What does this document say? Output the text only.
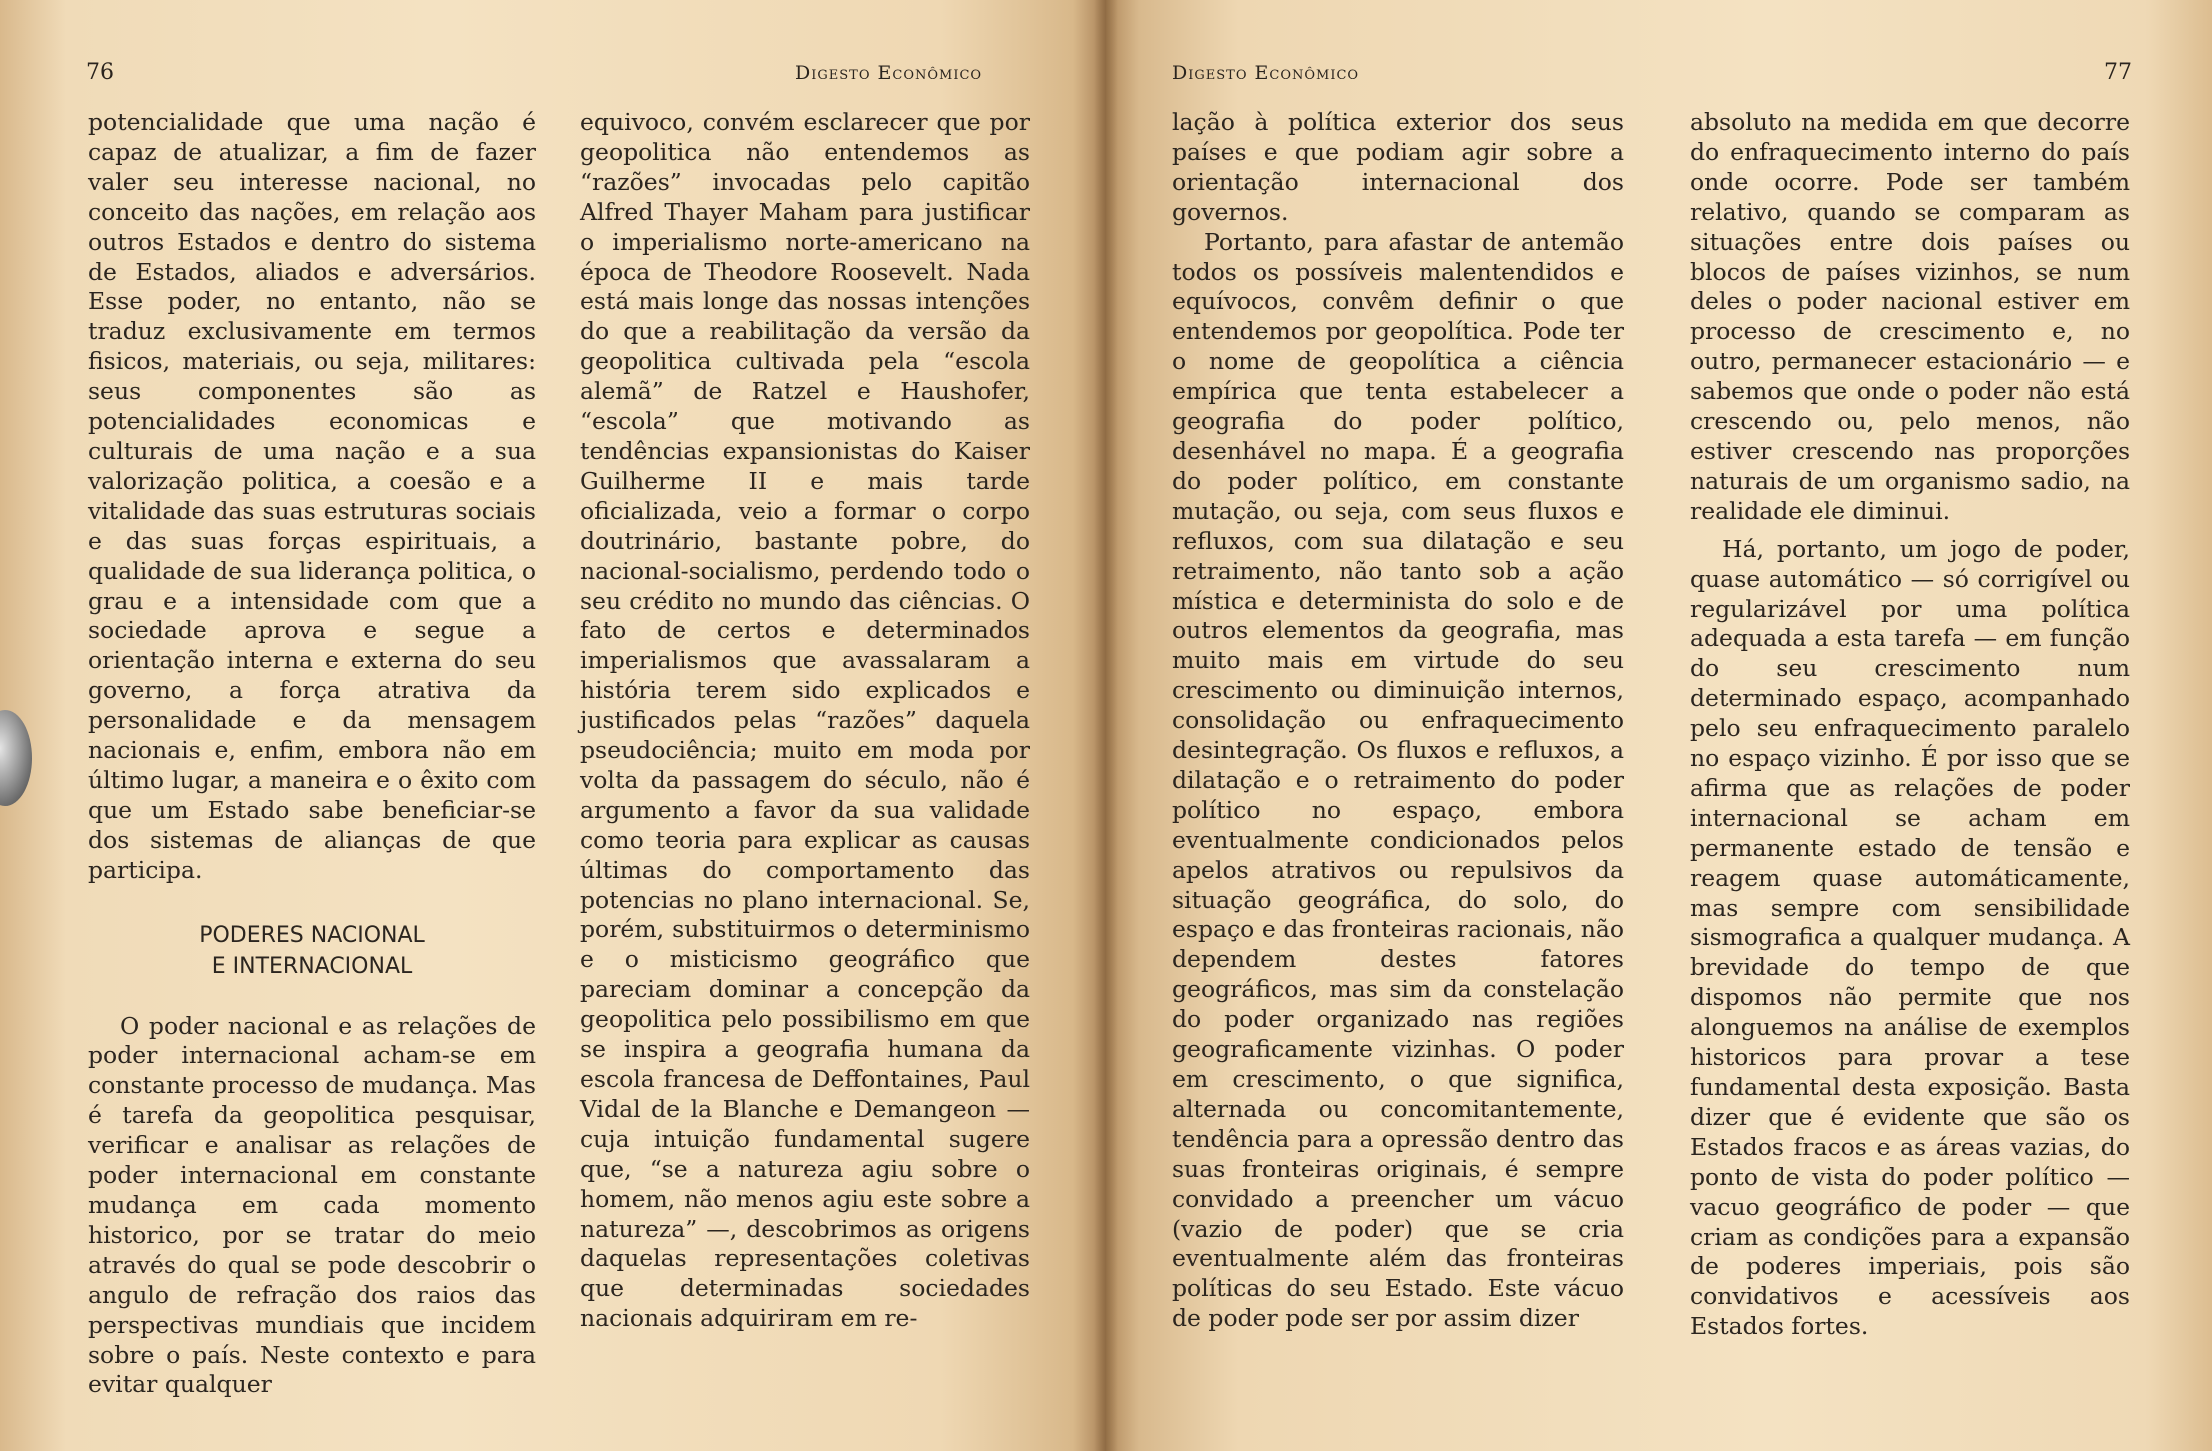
76	Digesto Econômico

potencialidade que uma nação é capaz de atualizar, a fim de fazer valer seu interesse nacional, no conceito das nações, em relação aos outros Estados e dentro do sistema de Estados, aliados e adversários. Esse poder, no entanto, não se traduz exclusivamente em termos fisicos, materiais, ou seja, militares: seus componentes são as potencialidades economicas e culturais de uma nação e a sua valorização politica, a coesão e a vitalidade das suas estruturas sociais e das suas forças espirituais, a qualidade de sua liderança politica, o grau e a intensidade com que a sociedade aprova e segue a orientação interna e externa do seu governo, a força atrativa da personalidade e da mensagem nacionais e, enfim, embora não em último lugar, a maneira e o êxito com que um Estado sabe beneficiar-se dos sistemas de alianças de que participa.

PODERES NACIONAL
E INTERNACIONAL

O poder nacional e as relações de poder internacional acham-se em constante processo de mudança. Mas é tarefa da geopolitica pesquisar, verificar e analisar as relações de poder internacional em constante mudança em cada momento historico, por se tratar do meio através do qual se pode descobrir o angulo de refração dos raios das perspectivas mundiais que incidem sobre o país. Neste contexto e para evitar qualquer

equivoco, convém esclarecer que por geopolitica não entendemos as “razões” invocadas pelo capitão Alfred Thayer Maham para justificar o imperialismo norte-americano na época de Theodore Roosevelt. Nada está mais longe das nossas intenções do que a reabilitação da versão da geopolitica cultivada pela “escola alemã” de Ratzel e Haushofer, “escola” que motivando as tendências expansionistas do Kaiser Guilherme II e mais tarde oficializada, veio a formar o corpo doutrinário, bastante pobre, do nacional-socialismo, perdendo todo o seu crédito no mundo das ciências. O fato de certos e determinados imperialismos que avassalaram a história terem sido explicados e justificados pelas “razões” daquela pseudociência; muito em moda por volta da passagem do século, não é argumento a favor da sua validade como teoria para explicar as causas últimas do comportamento das potencias no plano internacional. Se, porém, substituirmos o determinismo e o misticismo geográfico que pareciam dominar a concepção da geopolitica pelo possibilismo em que se inspira a geografia humana da escola francesa de Deffontaines, Paul Vidal de la Blanche e Demangeon — cuja intuição fundamental sugere que, “se a natureza agiu sobre o homem, não menos agiu este sobre a natureza” —, descobrimos as origens daquelas representações coletivas que determinadas sociedades nacionais adquiriram em re-

Digesto Econômico	77

lação à política exterior dos seus países e que podiam agir sobre a orientação internacional dos governos.

Portanto, para afastar de antemão todos os possíveis malentendidos e equívocos, convêm definir o que entendemos por geopolítica. Pode ter o nome de geopolítica a ciência empírica que tenta estabelecer a geografia do poder político, desenhável no mapa. É a geografia do poder político, em constante mutação, ou seja, com seus fluxos e refluxos, com sua dilatação e seu retraimento, não tanto sob a ação mística e determinista do solo e de outros elementos da geografia, mas muito mais em virtude do seu crescimento ou diminuição internos, consolidação ou enfraquecimento desintegração. Os fluxos e refluxos, a dilatação e o retraimento do poder político no espaço, embora eventualmente condicionados pelos apelos atrativos ou repulsivos da situação geográfica, do solo, do espaço e das fronteiras racionais, não dependem destes fatores geográficos, mas sim da constelação do poder organizado nas regiões geograficamente vizinhas. O poder em crescimento, o que significa, alternada ou concomitantemente, tendência para a opressão dentro das suas fronteiras originais, é sempre convidado a preencher um vácuo (vazio de poder) que se cria eventualmente além das fronteiras políticas do seu Estado. Este vácuo de poder pode ser por assim dizer

absoluto na medida em que decorre do enfraquecimento interno do país onde ocorre. Pode ser também relativo, quando se comparam as situações entre dois países ou blocos de países vizinhos, se num deles o poder nacional estiver em processo de crescimento e, no outro, permanecer estacionário — e sabemos que onde o poder não está crescendo ou, pelo menos, não estiver crescendo nas proporções naturais de um organismo sadio, na realidade ele diminui.

Há, portanto, um jogo de poder, quase automático — só corrigível ou regularizável por uma política adequada a esta tarefa — em função do seu crescimento num determinado espaço, acompanhado pelo seu enfraquecimento paralelo no espaço vizinho. É por isso que se afirma que as relações de poder internacional se acham em permanente estado de tensão e reagem quase automáticamente, mas sempre com sensibilidade sismografica a qualquer mudança. A brevidade do tempo de que dispomos não permite que nos alonguemos na análise de exemplos historicos para provar a tese fundamental desta exposição. Basta dizer que é evidente que são os Estados fracos e as áreas vazias, do ponto de vista do poder político — vacuo geográfico de poder — que criam as condições para a expansão de poderes imperiais, pois são convidativos e acessíveis aos Estados fortes.
